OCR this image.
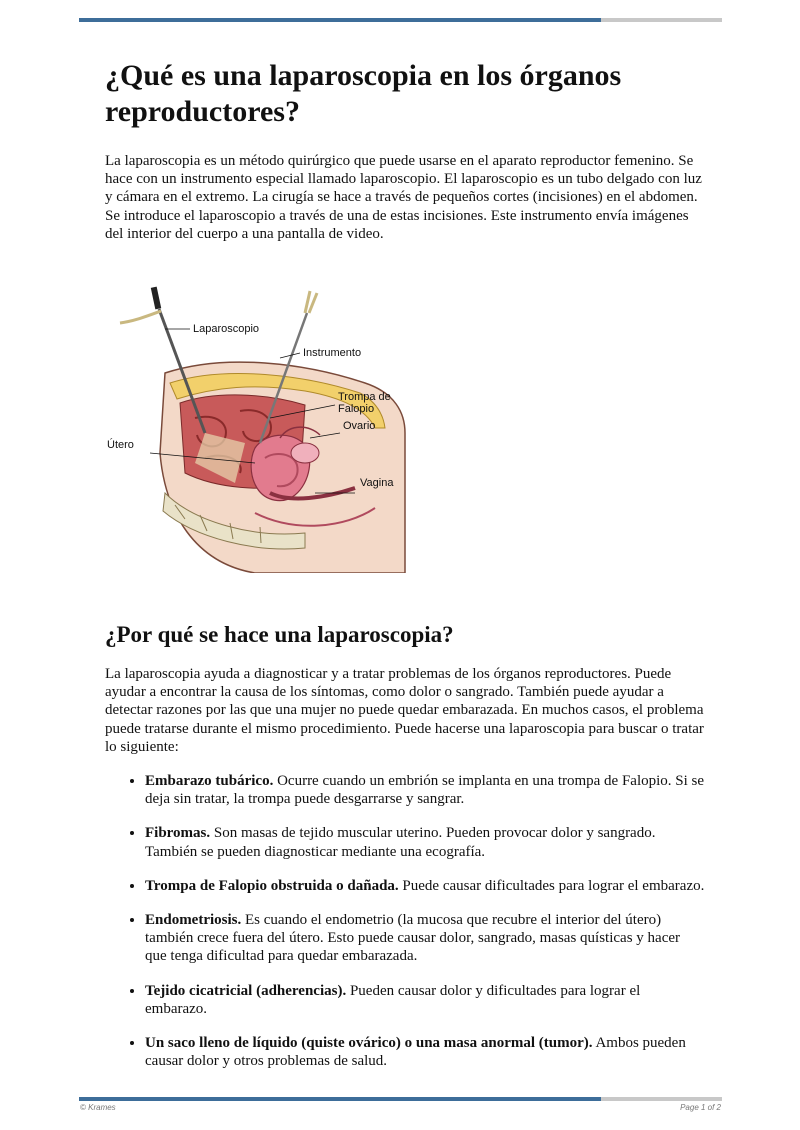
¿Qué es una laparoscopia en los órganos reproductores?

La laparoscopia es un método quirúrgico que puede usarse en el aparato reproductor femenino. Se hace con un instrumento especial llamado laparoscopio. El laparoscopio es un tubo delgado con luz y cámara en el extremo. La cirugía se hace a través de pequeños cortes (incisiones) en el abdomen. Se introduce el laparoscopio a través de una de estas incisiones. Este instrumento envía imágenes del interior del cuerpo a una pantalla de video.

Laparoscopio
Instrumento
Trompa de
Falopio
Ovario
Útero
Vagina
¿Por qué se hace una laparoscopia?

La laparoscopia ayuda a diagnosticar y a tratar problemas de los órganos reproductores. Puede ayudar a encontrar la causa de los síntomas, como dolor o sangrado. También puede ayudar a detectar razones por las que una mujer no puede quedar embarazada. En muchos casos, el problema puede tratarse durante el mismo procedimiento. Puede hacerse una laparoscopia para buscar o tratar lo siguiente:

• Embarazo tubárico. Ocurre cuando un embrión se implanta en una trompa de Falopio. Si se deja sin tratar, la trompa puede desgarrarse y sangrar.
• Fibromas. Son masas de tejido muscular uterino. Pueden provocar dolor y sangrado. También se pueden diagnosticar mediante una ecografía.
• Trompa de Falopio obstruida o dañada. Puede causar dificultades para lograr el embarazo.
• Endometriosis. Es cuando el endometrio (la mucosa que recubre el interior del útero) también crece fuera del útero. Esto puede causar dolor, sangrado, masas quísticas y hacer que tenga dificultad para quedar embarazada.
• Tejido cicatricial (adherencias). Pueden causar dolor y dificultades para lograr el embarazo.
• Un saco lleno de líquido (quiste ovárico) o una masa anormal (tumor). Ambos pueden causar dolor y otros problemas de salud.
© Krames	Page 1 of 2
